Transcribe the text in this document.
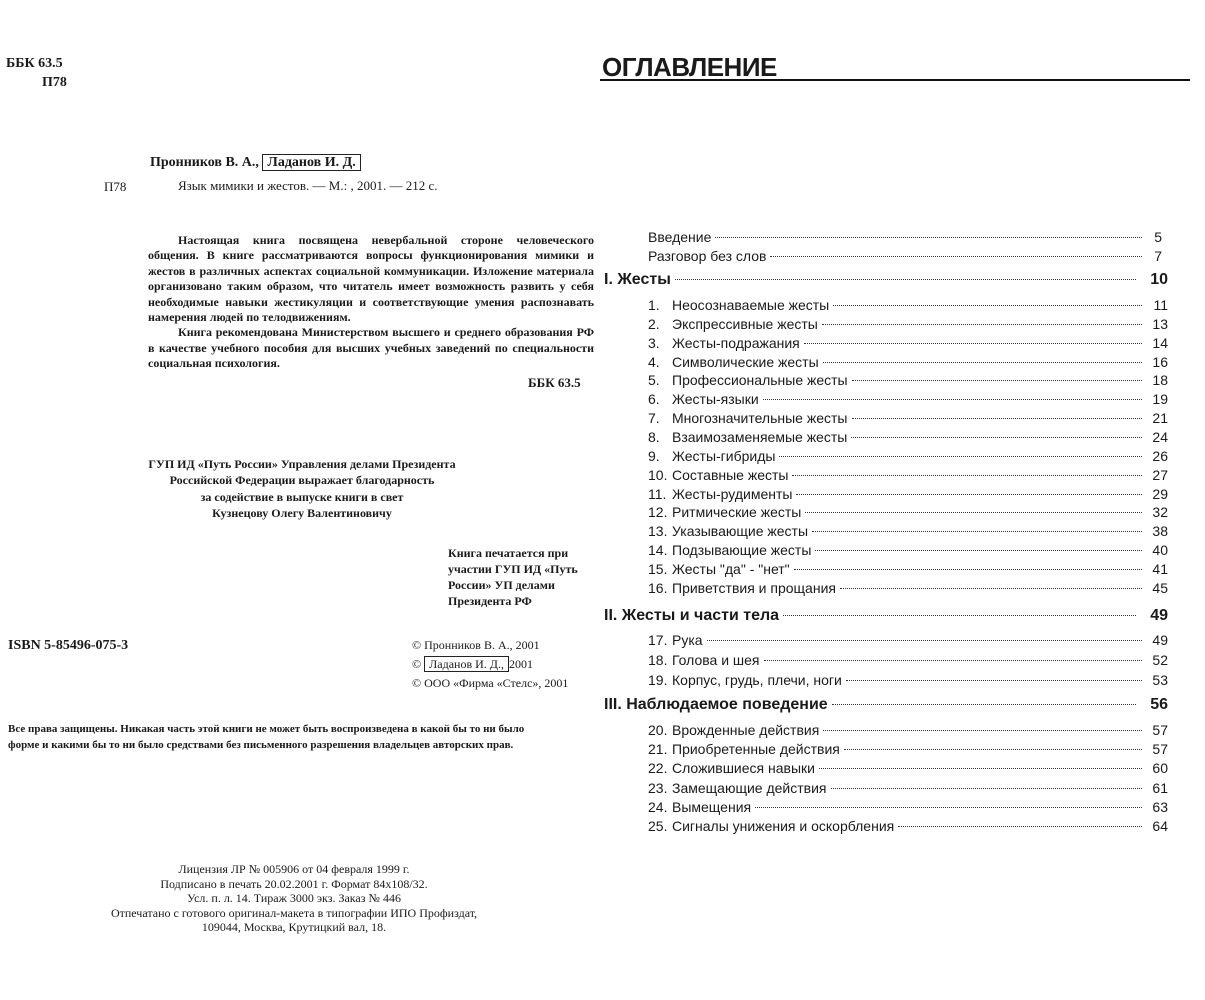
ББК 63.5
П78
Пронников В. А., Ладанов И. Д.
П78	Язык мимики и жестов. — М.: , 2001. — 212 с.

Настоящая книга посвящена невербальной стороне человеческого общения. В книге рассматриваются вопросы функционирования мимики и жестов в различных аспектах социальной коммуникации. Изложение материала организовано таким образом, что читатель имеет возможность развить у себя необходимые навыки жестикуляции и соответствующие умения распознавать намерения людей по телодвижениям.

Книга рекомендована Министерством высшего и среднего образования РФ в качестве учебного пособия для высших учебных заведений по специальности социальная психология.

ББК 63.5
ГУП ИД «Путь России» Управления делами Президента
Российской Федерации выражает благодарность
за содействие в выпуске книги в свет
Кузнецову Олегу Валентиновичу
Книга печатается при
участии ГУП ИД «Путь
России» УП делами
Президента РФ
ISBN 5-85496-075-3	© Пронников В. А., 2001
© Ладанов И. Д., 2001
© ООО «Фирма «Стелс», 2001
Все права защищены. Никакая часть этой книги не может быть воспроизведена в какой бы то ни было
форме и какими бы то ни было средствами без письменного разрешения владельцев авторских прав.
Лицензия ЛР № 005906 от 04 февраля 1999 г.
Подписано в печать 20.02.2001 г. Формат 84x108/32.
Усл. п. л. 14. Тираж 3000 экз. Заказ № 446
Отпечатано с готового оригинал-макета в типографии ИПО Профиздат,
109044, Москва, Крутицкий вал, 18.
ОГЛАВЛЕНИЕ
Введение	5
Разговор без слов	7
I. Жесты	10
1. Неосознаваемые жесты	11
2. Экспрессивные жесты	13
3. Жесты-подражания	14
4. Символические жесты	16
5. Профессиональные жесты	18
6. Жесты-языки	19
7. Многозначительные жесты	21
8. Взаимозаменяемые жесты	24
9. Жесты-гибриды	26
10. Составные жесты	27
11. Жесты-рудименты	29
12. Ритмические жесты	32
13. Указывающие жесты	38
14. Подзывающие жесты	40
15. Жесты "да" - "нет"	41
16. Приветствия и прощания	45
II. Жесты и части тела	49
17. Рука	49
18. Голова и шея	52
19. Корпус, грудь, плечи, ноги	53
III. Наблюдаемое поведение	56
20. Врожденные действия	57
21. Приобретенные действия	57
22. Сложившиеся навыки	60
23. Замещающие действия	61
24. Вымещения	63
25. Сигналы унижения и оскорбления	64
